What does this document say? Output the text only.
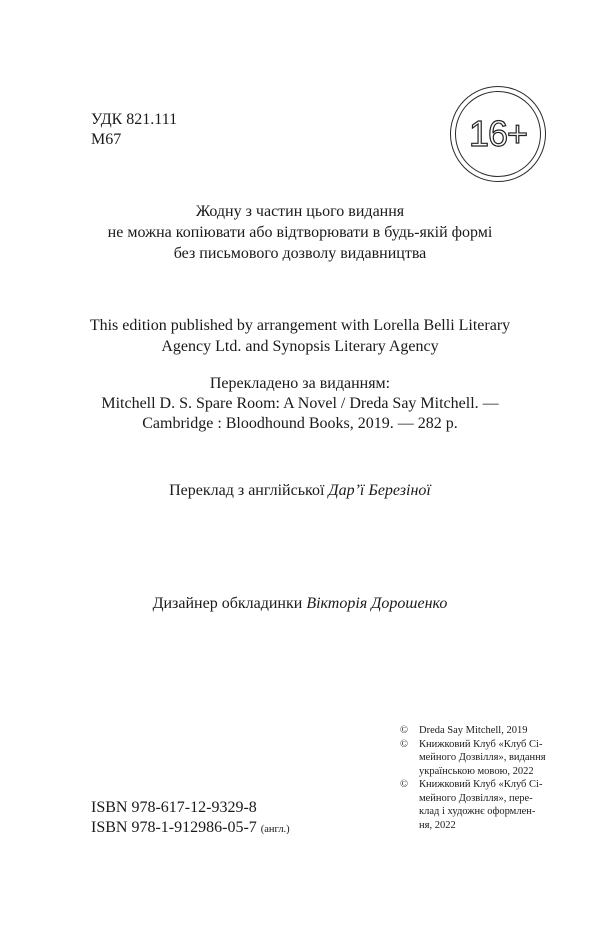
УДК 821.111
М67	16+
Жодну з частин цього видання
не можна копіювати або відтворювати в будь-якій формі
без письмового дозволу видавництва
This edition published by arrangement with Lorella Belli Literary
Agency Ltd. and Synopsis Literary Agency
Перекладено за виданням:
Mitchell D. S. Spare Room: A Novel / Dreda Say Mitchell. —
Cambridge : Bloodhound Books, 2019. — 282 p.
Переклад з англійської Дар’ї Березіної
Дизайнер обкладинки Вікторія Дорошенко
©	Dreda Say Mitchell, 2019
©	Книжковий Клуб «Клуб Сі-
мейного Дозвілля», видання
українською мовою, 2022
©	Книжковий Клуб «Клуб Сі-
мейного Дозвілля», пере-
клад і художнє оформлен-
ня, 2022
ISBN 978-617-12-9329-8
ISBN 978-1-912986-05-7 (англ.)
